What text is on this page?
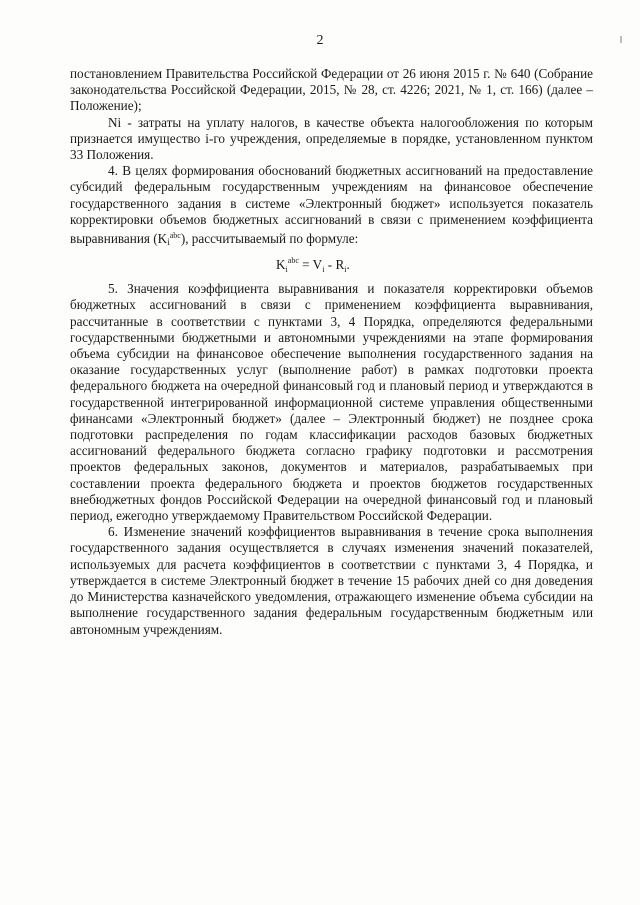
2

постановлением Правительства Российской Федерации от 26 июня 2015 г. № 640 (Собрание законодательства Российской Федерации, 2015, № 28, ст. 4226; 2021, № 1, ст. 166) (далее – Положение);

Ni - затраты на уплату налогов, в качестве объекта налогообложения по которым признается имущество i-го учреждения, определяемые в порядке, установленном пунктом 33 Положения.

4. В целях формирования обоснований бюджетных ассигнований на предоставление субсидий федеральным государственным учреждениям на финансовое обеспечение государственного задания в системе «Электронный бюджет» используется показатель корректировки объемов бюджетных ассигнований в связи с применением коэффициента выравнивания $(K_i^{abc})$, рассчитываемый по формуле:

$K_i^{abc} = V_i - R_i$.

5. Значения коэффициента выравнивания и показателя корректировки объемов бюджетных ассигнований в связи с применением коэффициента выравнивания, рассчитанные в соответствии с пунктами 3, 4 Порядка, определяются федеральными государственными бюджетными и автономными учреждениями на этапе формирования объема субсидии на финансовое обеспечение выполнения государственного задания на оказание государственных услуг (выполнение работ) в рамках подготовки проекта федерального бюджета на очередной финансовый год и плановый период и утверждаются в государственной интегрированной информационной системе управления общественными финансами «Электронный бюджет» (далее – Электронный бюджет) не позднее срока подготовки распределения по годам классификации расходов базовых бюджетных ассигнований федерального бюджета согласно графику подготовки и рассмотрения проектов федеральных законов, документов и материалов, разрабатываемых при составлении проекта федерального бюджета и проектов бюджетов государственных внебюджетных фондов Российской Федерации на очередной финансовый год и плановый период, ежегодно утверждаемому Правительством Российской Федерации.

6. Изменение значений коэффициентов выравнивания в течение срока выполнения государственного задания осуществляется в случаях изменения значений показателей, используемых для расчета коэффициентов в соответствии с пунктами 3, 4 Порядка, и утверждается в системе Электронный бюджет в течение 15 рабочих дней со дня доведения до Министерства казначейского уведомления, отражающего изменение объема субсидии на выполнение государственного задания федеральным государственным бюджетным или автономным учреждениям.
